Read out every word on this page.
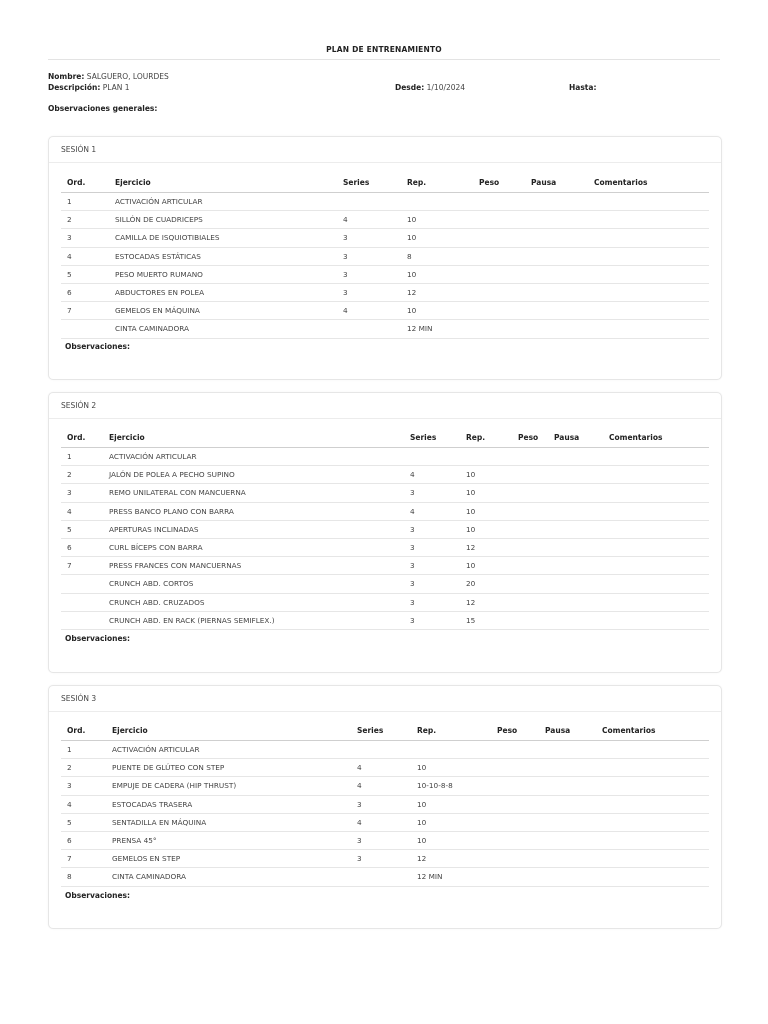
PLAN DE ENTRENAMIENTO
Nombre: SALGUERO, LOURDES
Descripción: PLAN 1	Desde: 1/10/2024	Hasta:
Observaciones generales:
SESIÓN 1
Ord.	Ejercicio	Series	Rep.	Peso	Pausa	Comentarios
1	ACTIVACIÓN ARTICULAR					
2	SILLÓN DE CUADRICEPS	4	10			
3	CAMILLA DE ISQUIOTIBIALES	3	10			
4	ESTOCADAS ESTÁTICAS	3	8			
5	PESO MUERTO RUMANO	3	10			
6	ABDUCTORES EN POLEA	3	12			
7	GEMELOS EN MÁQUINA	4	10			
	CINTA CAMINADORA		12 MIN			
Observaciones:
SESIÓN 2
Ord.	Ejercicio	Series	Rep.	Peso	Pausa	Comentarios
1	ACTIVACIÓN ARTICULAR					
2	JALÓN DE POLEA A PECHO SUPINO	4	10			
3	REMO UNILATERAL CON MANCUERNA	3	10			
4	PRESS BANCO PLANO CON BARRA	4	10			
5	APERTURAS INCLINADAS	3	10			
6	CURL BÍCEPS CON BARRA	3	12			
7	PRESS FRANCES CON MANCUERNAS	3	10			
	CRUNCH ABD. CORTOS	3	20			
	CRUNCH ABD. CRUZADOS	3	12			
	CRUNCH ABD. EN RACK (PIERNAS SEMIFLEX.)	3	15			
Observaciones:
SESIÓN 3
Ord.	Ejercicio	Series	Rep.	Peso	Pausa	Comentarios
1	ACTIVACIÓN ARTICULAR					
2	PUENTE DE GLÚTEO CON STEP	4	10			
3	EMPUJE DE CADERA (HIP THRUST)	4	10-10-8-8			
4	ESTOCADAS TRASERA	3	10			
5	SENTADILLA EN MÁQUINA	4	10			
6	PRENSA 45°	3	10			
7	GEMELOS EN STEP	3	12			
8	CINTA CAMINADORA		12 MIN			
Observaciones:
